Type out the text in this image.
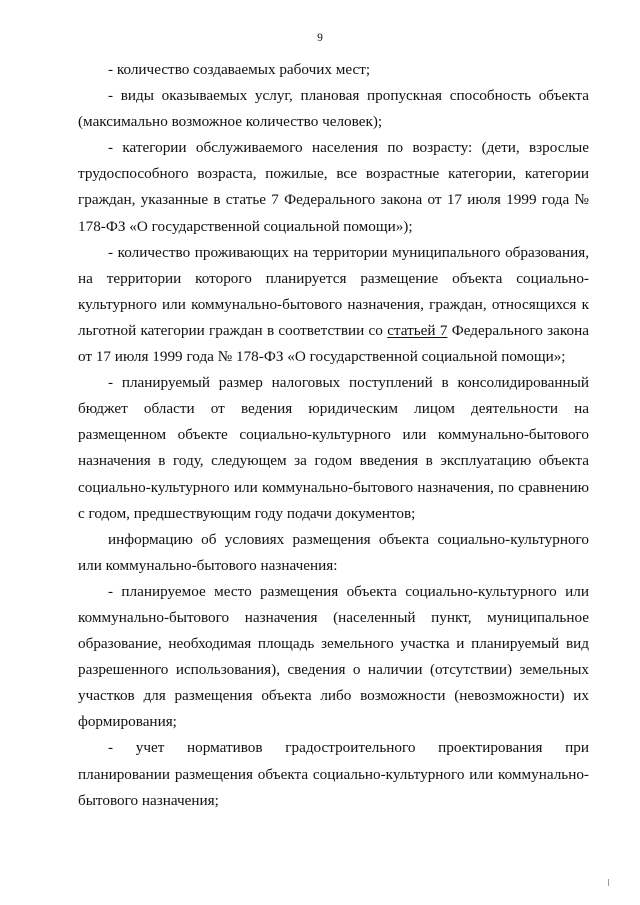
9

- количество создаваемых рабочих мест;

- виды оказываемых услуг, плановая пропускная способность объекта (максимально возможное количество человек);

- категории обслуживаемого населения по возрасту: (дети, взрослые трудоспособного возраста, пожилые, все возрастные категории, категории граждан, указанные в статье 7 Федерального закона от 17 июля 1999 года № 178-ФЗ «О государственной социальной помощи»);

- количество проживающих на территории муниципального образования, на территории которого планируется размещение объекта социально-культурного или коммунально-бытового назначения, граждан, относящихся к льготной категории граждан в соответствии со статьей 7 Федерального закона от 17 июля 1999 года № 178-ФЗ «О государственной социальной помощи»;

- планируемый размер налоговых поступлений в консолидированный бюджет области от ведения юридическим лицом деятельности на размещенном объекте социально-культурного или коммунально-бытового назначения в году, следующем за годом введения в эксплуатацию объекта социально-культурного или коммунально-бытового назначения, по сравнению с годом, предшествующим году подачи документов;

информацию об условиях размещения объекта социально-культурного или коммунально-бытового назначения:

- планируемое место размещения объекта социально-культурного или коммунально-бытового назначения (населенный пункт, муниципальное образование, необходимая площадь земельного участка и планируемый вид разрешенного использования), сведения о наличии (отсутствии) земельных участков для размещения объекта либо возможности (невозможности) их формирования;

- учет нормативов градостроительного проектирования при планировании размещения объекта социально-культурного или коммунально-бытового назначения;
